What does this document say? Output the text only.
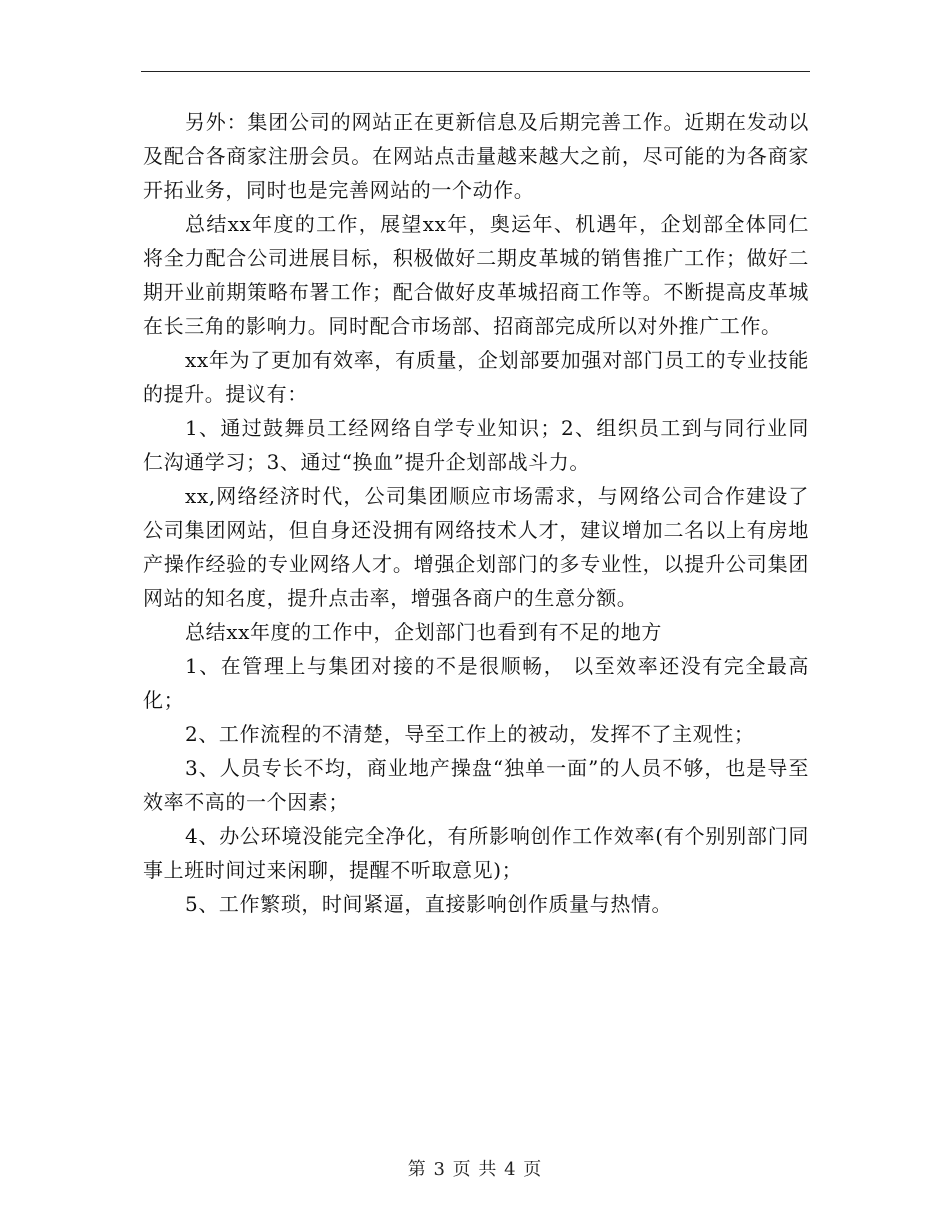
另外：集团公司的网站正在更新信息及后期完善工作。近期在发动以及配合各商家注册会员。在网站点击量越来越大之前，尽可能的为各商家开拓业务，同时也是完善网站的一个动作。

总结xx年度的工作，展望xx年，奥运年、机遇年，企划部全体同仁将全力配合公司进展目标，积极做好二期皮革城的销售推广工作；做好二期开业前期策略布署工作；配合做好皮革城招商工作等。不断提高皮革城在长三角的影响力。同时配合市场部、招商部完成所以对外推广工作。

xx年为了更加有效率，有质量，企划部要加强对部门员工的专业技能的提升。提议有：

1、通过鼓舞员工经网络自学专业知识；2、组织员工到与同行业同仁沟通学习；3、通过“换血”提升企划部战斗力。

xx,网络经济时代，公司集团顺应市场需求，与网络公司合作建设了公司集团网站，但自身还没拥有网络技术人才，建议增加二名以上有房地产操作经验的专业网络人才。增强企划部门的多专业性，以提升公司集团网站的知名度，提升点击率，增强各商户的生意分额。

总结xx年度的工作中，企划部门也看到有不足的地方

1、在管理上与集团对接的不是很顺畅， 以至效率还没有完全最高化；

2、工作流程的不清楚，导至工作上的被动，发挥不了主观性；

3、人员专长不均，商业地产操盘“独单一面”的人员不够，也是导至效率不高的一个因素；

4、办公环境没能完全净化，有所影响创作工作效率(有个别别部门同事上班时间过来闲聊，提醒不听取意见)；

5、工作繁琐，时间紧逼，直接影响创作质量与热情。

第 3 页 共 4 页
